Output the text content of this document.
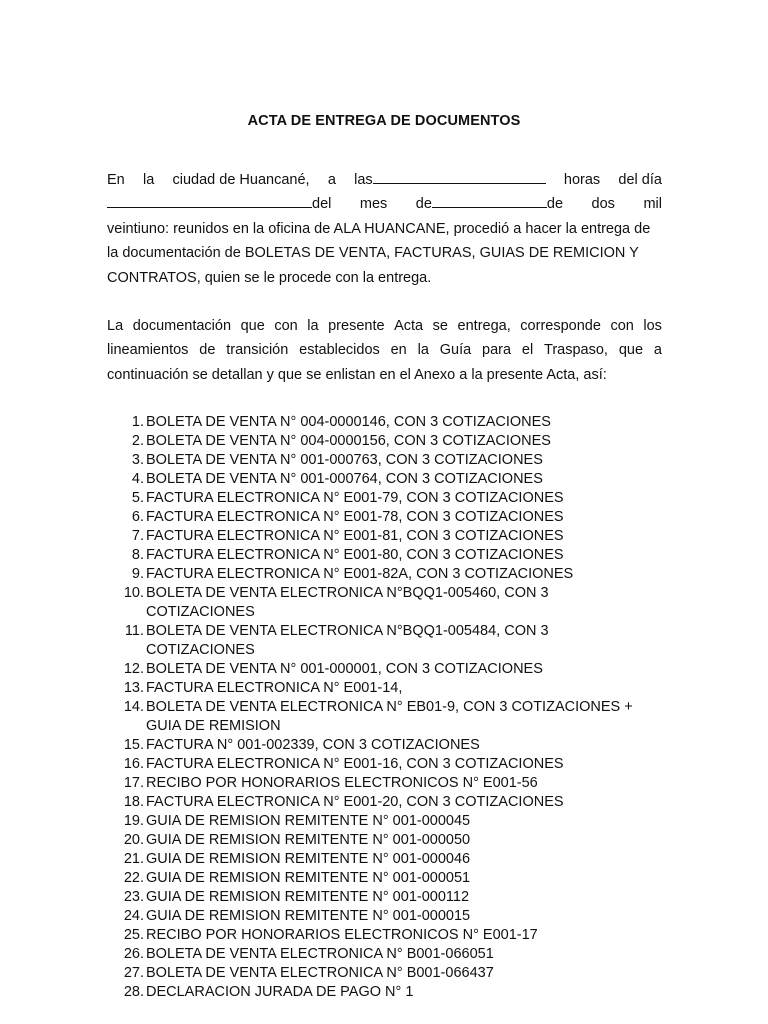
ACTA DE ENTREGA DE DOCUMENTOS
En la ciudad de Huancané, a las	horas del día
del mes de	de dos mil
veintiuno: reunidos en la oficina de ALA HUANCANE, procedió a hacer la entrega de
la documentación de BOLETAS DE VENTA, FACTURAS, GUIAS DE REMICION Y
CONTRATOS, quien se le procede con la entrega.
La documentación que con la presente Acta se entrega, corresponde con los
lineamientos de transición establecidos en la Guía para el Traspaso, que a
continuación se detallan y que se enlistan en el Anexo a la presente Acta, así:
1. BOLETA DE VENTA N° 004-0000146, CON 3 COTIZACIONES
2. BOLETA DE VENTA N° 004-0000156, CON 3 COTIZACIONES
3. BOLETA DE VENTA N° 001-000763, CON 3 COTIZACIONES
4. BOLETA DE VENTA N° 001-000764, CON 3 COTIZACIONES
5. FACTURA ELECTRONICA N° E001-79, CON 3 COTIZACIONES
6. FACTURA ELECTRONICA N° E001-78, CON 3 COTIZACIONES
7. FACTURA ELECTRONICA N° E001-81, CON 3 COTIZACIONES
8. FACTURA ELECTRONICA N° E001-80, CON 3 COTIZACIONES
9. FACTURA ELECTRONICA N° E001-82A, CON 3 COTIZACIONES
10. BOLETA DE VENTA ELECTRONICA N°BQQ1-005460, CON 3
COTIZACIONES
11. BOLETA DE VENTA ELECTRONICA N°BQQ1-005484, CON 3
COTIZACIONES
12. BOLETA DE VENTA N° 001-000001, CON 3 COTIZACIONES
13. FACTURA ELECTRONICA N° E001-14,
14. BOLETA DE VENTA ELECTRONICA N° EB01-9, CON 3 COTIZACIONES +
GUIA DE REMISION
15. FACTURA N° 001-002339, CON 3 COTIZACIONES
16. FACTURA ELECTRONICA N° E001-16, CON 3 COTIZACIONES
17. RECIBO POR HONORARIOS ELECTRONICOS N° E001-56
18. FACTURA ELECTRONICA N° E001-20, CON 3 COTIZACIONES
19. GUIA DE REMISION REMITENTE N° 001-000045
20. GUIA DE REMISION REMITENTE N° 001-000050
21. GUIA DE REMISION REMITENTE N° 001-000046
22. GUIA DE REMISION REMITENTE N° 001-000051
23. GUIA DE REMISION REMITENTE N° 001-000112
24. GUIA DE REMISION REMITENTE N° 001-000015
25. RECIBO POR HONORARIOS ELECTRONICOS N° E001-17
26. BOLETA DE VENTA ELECTRONICA N° B001-066051
27. BOLETA DE VENTA ELECTRONICA N° B001-066437
28. DECLARACION JURADA DE PAGO N° 1
